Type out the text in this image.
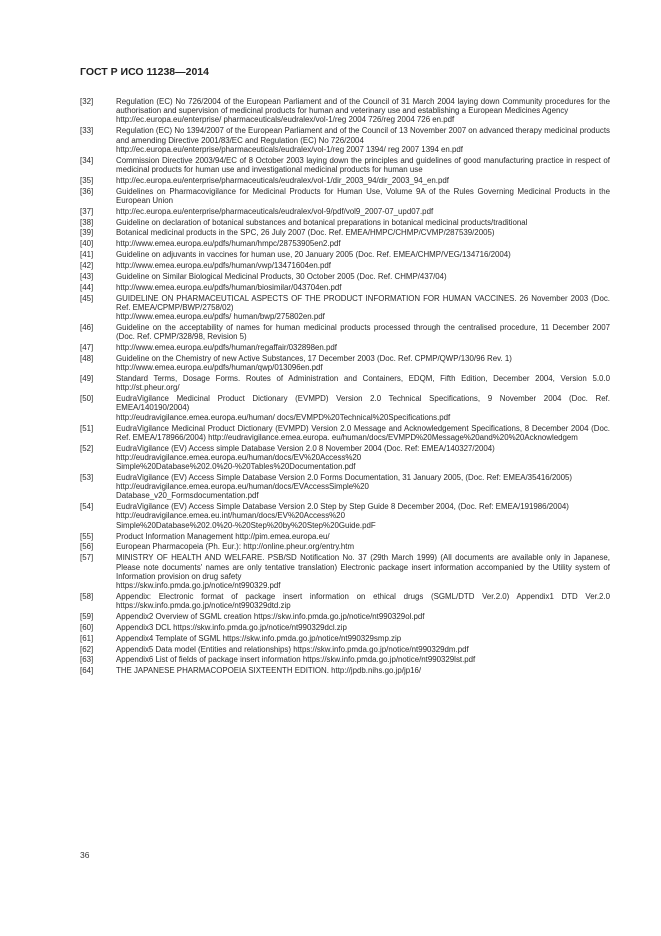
ГОСТ Р ИСО 11238—2014
[32]	Regulation (EC) No 726/2004 of the European Parliament and of the Council of 31 March 2004 laying down Community procedures for the authorisation and supervision of medicinal products for human and veterinary use and establishing a European Medicines Agency
http://ec.europa.eu/enterprise/ pharmaceuticals/eudralex/vol-1/reg 2004 726/reg 2004 726 en.pdf
[33]	Regulation (EC) No 1394/2007 of the European Parliament and of the Council of 13 November 2007 on advanced therapy medicinal products and amending Directive 2001/83/EC and Regulation (EC) No 726/2004
http://ec.europa.eu/enterprise/pharmaceuticals/eudralex/vol-1/reg 2007 1394/ reg 2007 1394 en.pdf
[34]	Commission Directive 2003/94/EC of 8 October 2003 laying down the principles and guidelines of good manufacturing practice in respect of medicinal products for human use and investigational medicinal products for human use
[35]	http://ec.europa.eu/enterprise/pharmaceuticals/eudralex/vol-1/dir_2003_94/dir_2003_94_en.pdf
[36]	Guidelines on Pharmacovigilance for Medicinal Products for Human Use, Volume 9A of the Rules Governing Medicinal Products in the European Union
[37]	http://ec.europa.eu/enterprise/pharmaceuticals/eudralex/vol-9/pdf/vol9_2007-07_upd07.pdf
[38]	Guideline on declaration of botanical substances and botanical preparations in botanical medicinal products/traditional
[39]	Botanical medicinal products in the SPC, 26 July 2007 (Doc. Ref. EMEA/HMPC/CHMP/CVMP/287539/2005)
[40]	http://www.emea.europa.eu/pdfs/human/hmpc/28753905en2.pdf
[41]	Guideline on adjuvants in vaccines for human use, 20 January 2005 (Doc. Ref. EMEA/CHMP/VEG/134716/2004)
[42]	http://www.emea.europa.eu/pdfs/human/vwp/13471604en.pdf
[43]	Guideline on Similar Biological Medicinal Products, 30 October 2005 (Doc. Ref. CHMP/437/04)
[44]	http://www.emea.europa.eu/pdfs/human/biosimilar/043704en.pdf
[45]	GUIDELINE ON PHARMACEUTICAL ASPECTS OF THE PRODUCT INFORMATION FOR HUMAN VACCINES. 26 November 2003 (Doc. Ref. EMEA/CPMP/BWP/2758/02)
http://www.emea.europa.eu/pdfs/ human/bwp/275802en.pdf
[46]	Guideline on the acceptability of names for human medicinal products processed through the centralised procedure, 11 December 2007 (Doc. Ref. CPMP/328/98, Revision 5)
[47]	http://www.emea.europa.eu/pdfs/human/regaffair/032898en.pdf
[48]	Guideline on the Chemistry of new Active Substances, 17 December 2003 (Doc. Ref. CPMP/QWP/130/96 Rev. 1)
http://www.emea.europa.eu/pdfs/human/qwp/013096en.pdf
[49]	Standard Terms, Dosage Forms. Routes of Administration and Containers, EDQM, Fifth Edition, December 2004, Version 5.0.0 http://st.pheur.org/
[50]	EudraVigilance Medicinal Product Dictionary (EVMPD) Version 2.0 Technical Specifications, 9 November 2004 (Doc. Ref. EMEA/140190/2004)
http://eudravigilance.emea.europa.eu/human/ docs/EVMPD%20Technical%20Specifications.pdf
[51]	EudraVigilance Medicinal Product Dictionary (EVMPD) Version 2.0 Message and Acknowledgement Specifications, 8 December 2004 (Doc. Ref. EMEA/178966/2004) http://eudravigilance.emea.europa. eu/human/docs/EVMPD%20Message%20and%20%20Acknowledgem
[52]	EudraVigilance (EV) Access simple Database Version 2.0 8 November 2004 (Doc. Ref: EMEA/140327/2004)
http://eudravigilance.emea.europa.eu/human/docs/EV%20Access%20
Simple%20Database%202.0%20-%20Tables%20Documentation.pdf
[53]	EudraVigilance (EV) Access Simple Database Version 2.0 Forms Documentation, 31 January 2005, (Doc. Ref: EMEA/35416/2005)
http://eudravigilance.emea.europa.eu/human/docs/EVAccessSimple%20
Database_v20_Formsdocumentation.pdf
[54]	EudraVigilance (EV) Access Simple Database Version 2.0 Step by Step Guide 8 December 2004, (Doc. Ref: EMEA/191986/2004)
http://eudravigilance.emea.eu.int/human/docs/EV%20Access%20
Simple%20Database%202.0%20-%20Step%20by%20Step%20Guide.pdF
[55]	Product Information Management http://pim.emea.europa.eu/
[56]	European Pharmacopeia (Ph. Eur.): http://online.pheur.org/entry.htm
[57]	MINISTRY OF HEALTH AND WELFARE. PSB/SD Notification No. 37 (29th March 1999) (All documents are available only in Japanese, Please note documents' names are only tentative translation) Electronic package insert information accompanied by the Utility system of Information provision on drug safety
https://skw.info.pmda.go.jp/notice/nt990329.pdf
[58]	Appendix: Electronic format of package insert information on ethical drugs (SGML/DTD Ver.2.0) Appendix1 DTD Ver.2.0 https://skw.info.pmda.go.jp/notice/nt990329dtd.zip
[59]	Appendix2 Overview of SGML creation https://skw.info.pmda.go.jp/notice/nt990329ol.pdf
[60]	Appendix3 DCL https://skw.info.pmda.go.jp/notice/nt990329dcl.zip
[61]	Appendix4 Template of SGML https://skw.info.pmda.go.jp/notice/nt990329smp.zip
[62]	Appendix5 Data model (Entities and relationships) https://skw.info.pmda.go.jp/notice/nt990329dm.pdf
[63]	Appendix6 List of fields of package insert information https://skw.info.pmda.go.jp/notice/nt990329lst.pdf
[64]	THE JAPANESE PHARMACOPOEIA SIXTEENTH EDITION. http://jpdb.nihs.go.jp/jp16/
36
